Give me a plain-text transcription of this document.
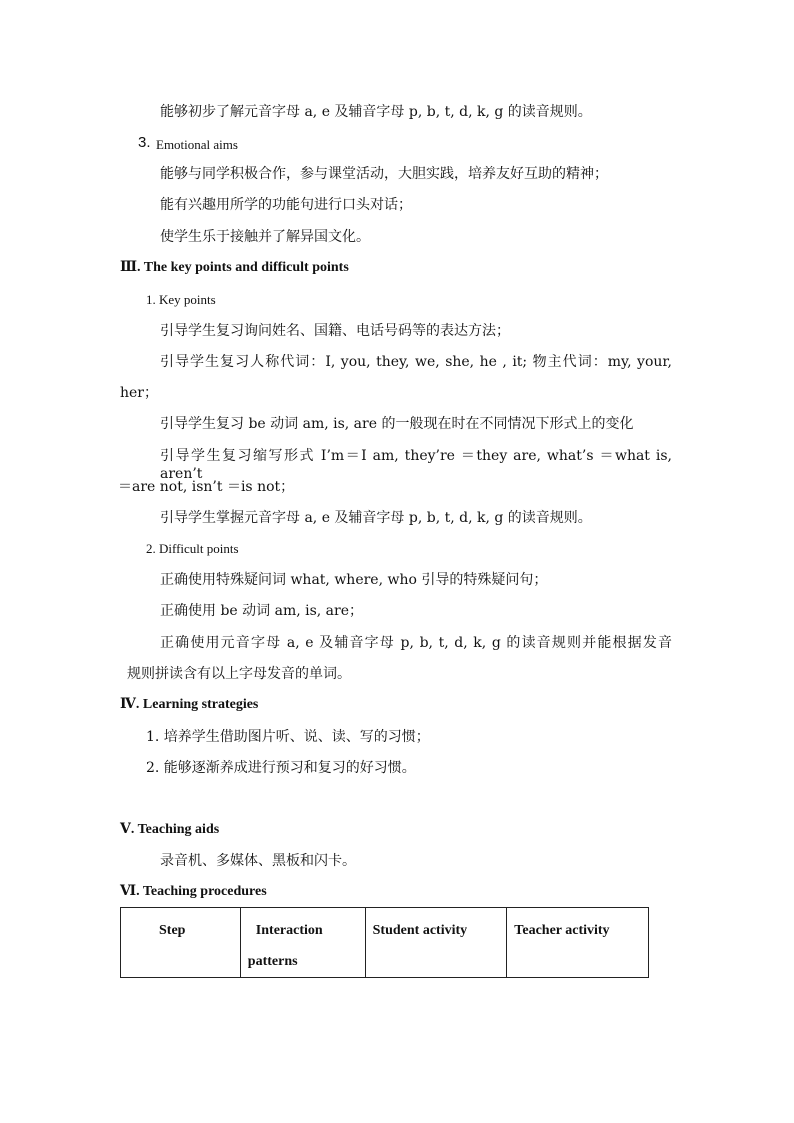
能够初步了解元音字母 a, e 及辅音字母 p, b, t, d, k, g 的读音规则。
3. Emotional aims
能够与同学积极合作，参与课堂活动，大胆实践，培养友好互助的精神；
能有兴趣用所学的功能句进行口头对话；
使学生乐于接触并了解异国文化。
Ⅲ. The key points and difficult points
1. Key points
引导学生复习询问姓名、国籍、电话号码等的表达方法；
引导学生复习人称代词：I, you, they, we, she, he , it; 物主代词：my, your,
her；
引导学生复习 be 动词 am, is, are 的一般现在时在不同情况下形式上的变化
引导学生复习缩写形式 I’m＝I am, they’re ＝they are, what’s ＝what is, aren’t
＝are not, isn’t ＝is not；
引导学生掌握元音字母 a, e 及辅音字母 p, b, t, d, k, g 的读音规则。
2. Difficult points
正确使用特殊疑问词 what, where, who 引导的特殊疑问句；
正确使用 be 动词 am, is, are；
正确使用元音字母 a, e 及辅音字母 p, b, t, d, k, g 的读音规则并能根据发音
规则拼读含有以上字母发音的单词。
Ⅳ. Learning strategies
1. 培养学生借助图片听、说、读、写的习惯；
2. 能够逐渐养成进行预习和复习的好习惯。
Ⅴ. Teaching aids
录音机、多媒体、黑板和闪卡。
Ⅵ. Teaching procedures
Step	Interaction patterns	Student activity	Teacher activity
